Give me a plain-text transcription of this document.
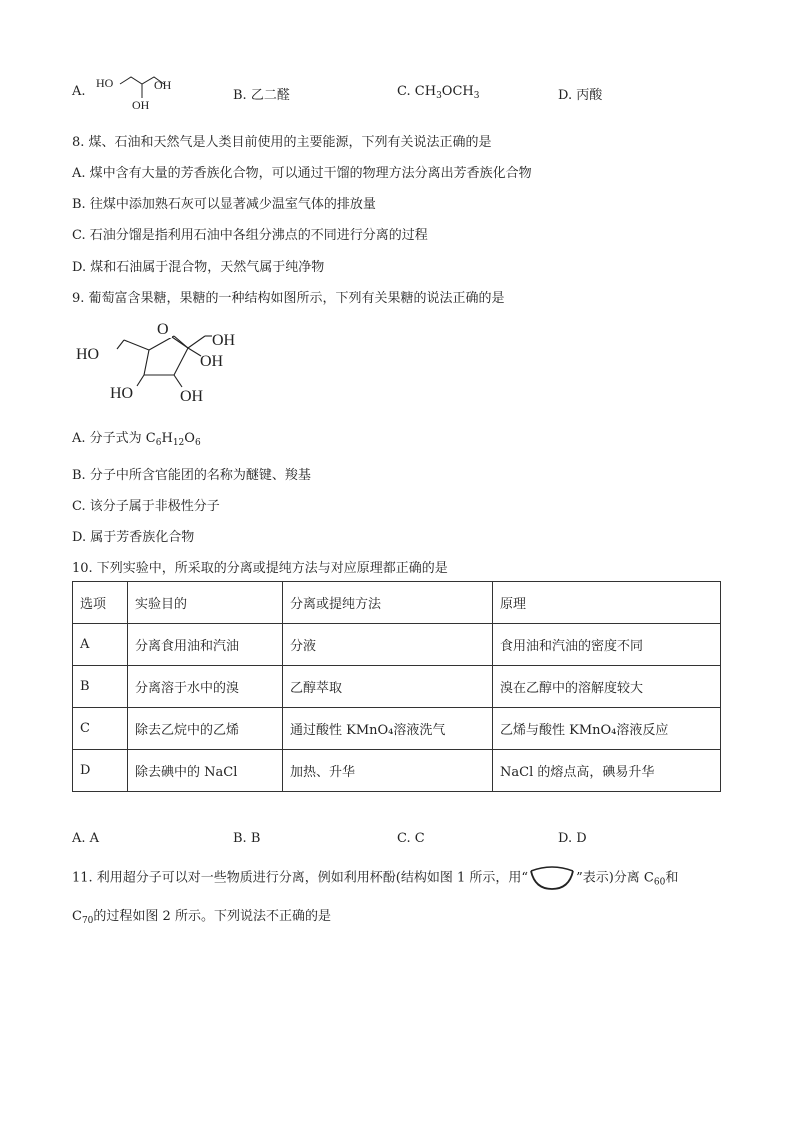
A.
HO	OH
OH
B. 乙二醛	C. $CH_3OCH_3$	D. 丙酸
8. 煤、石油和天然气是人类目前使用的主要能源，下列有关说法正确的是
A. 煤中含有大量的芳香族化合物，可以通过干馏的物理方法分离出芳香族化合物
B. 往煤中添加熟石灰可以显著减少温室气体的排放量
C. 石油分馏是指利用石油中各组分沸点的不同进行分离的过程
D. 煤和石油属于混合物，天然气属于纯净物
9. 葡萄富含果糖，果糖的一种结构如图所示，下列有关果糖的说法正确的是
O
HO
OH
OH
HO	OH
A. 分子式为 $C_6H_{12}O_6$
B. 分子中所含官能团的名称为醚键、羧基
C. 该分子属于非极性分子
D. 属于芳香族化合物
10. 下列实验中，所采取的分离或提纯方法与对应原理都正确的是
选项	实验目的	分离或提纯方法	原理
A	分离食用油和汽油	分液	食用油和汽油的密度不同
B	分离溶于水中的溴	乙醇萃取	溴在乙醇中的溶解度较大
C	除去乙烷中的乙烯	通过酸性 KMnO₄溶液洗气	乙烯与酸性 KMnO₄溶液反应
D	除去碘中的 NaCl	加热、升华	NaCl 的熔点高，碘易升华
A. A	B. B	C. C	D. D
11. 利用超分子可以对一些物质进行分离，例如利用杯酚(结构如图 1 所示，用“	”表示)分离 $C_{60}$和
$C_{70}$的过程如图 2 所示。下列说法不正确的是
